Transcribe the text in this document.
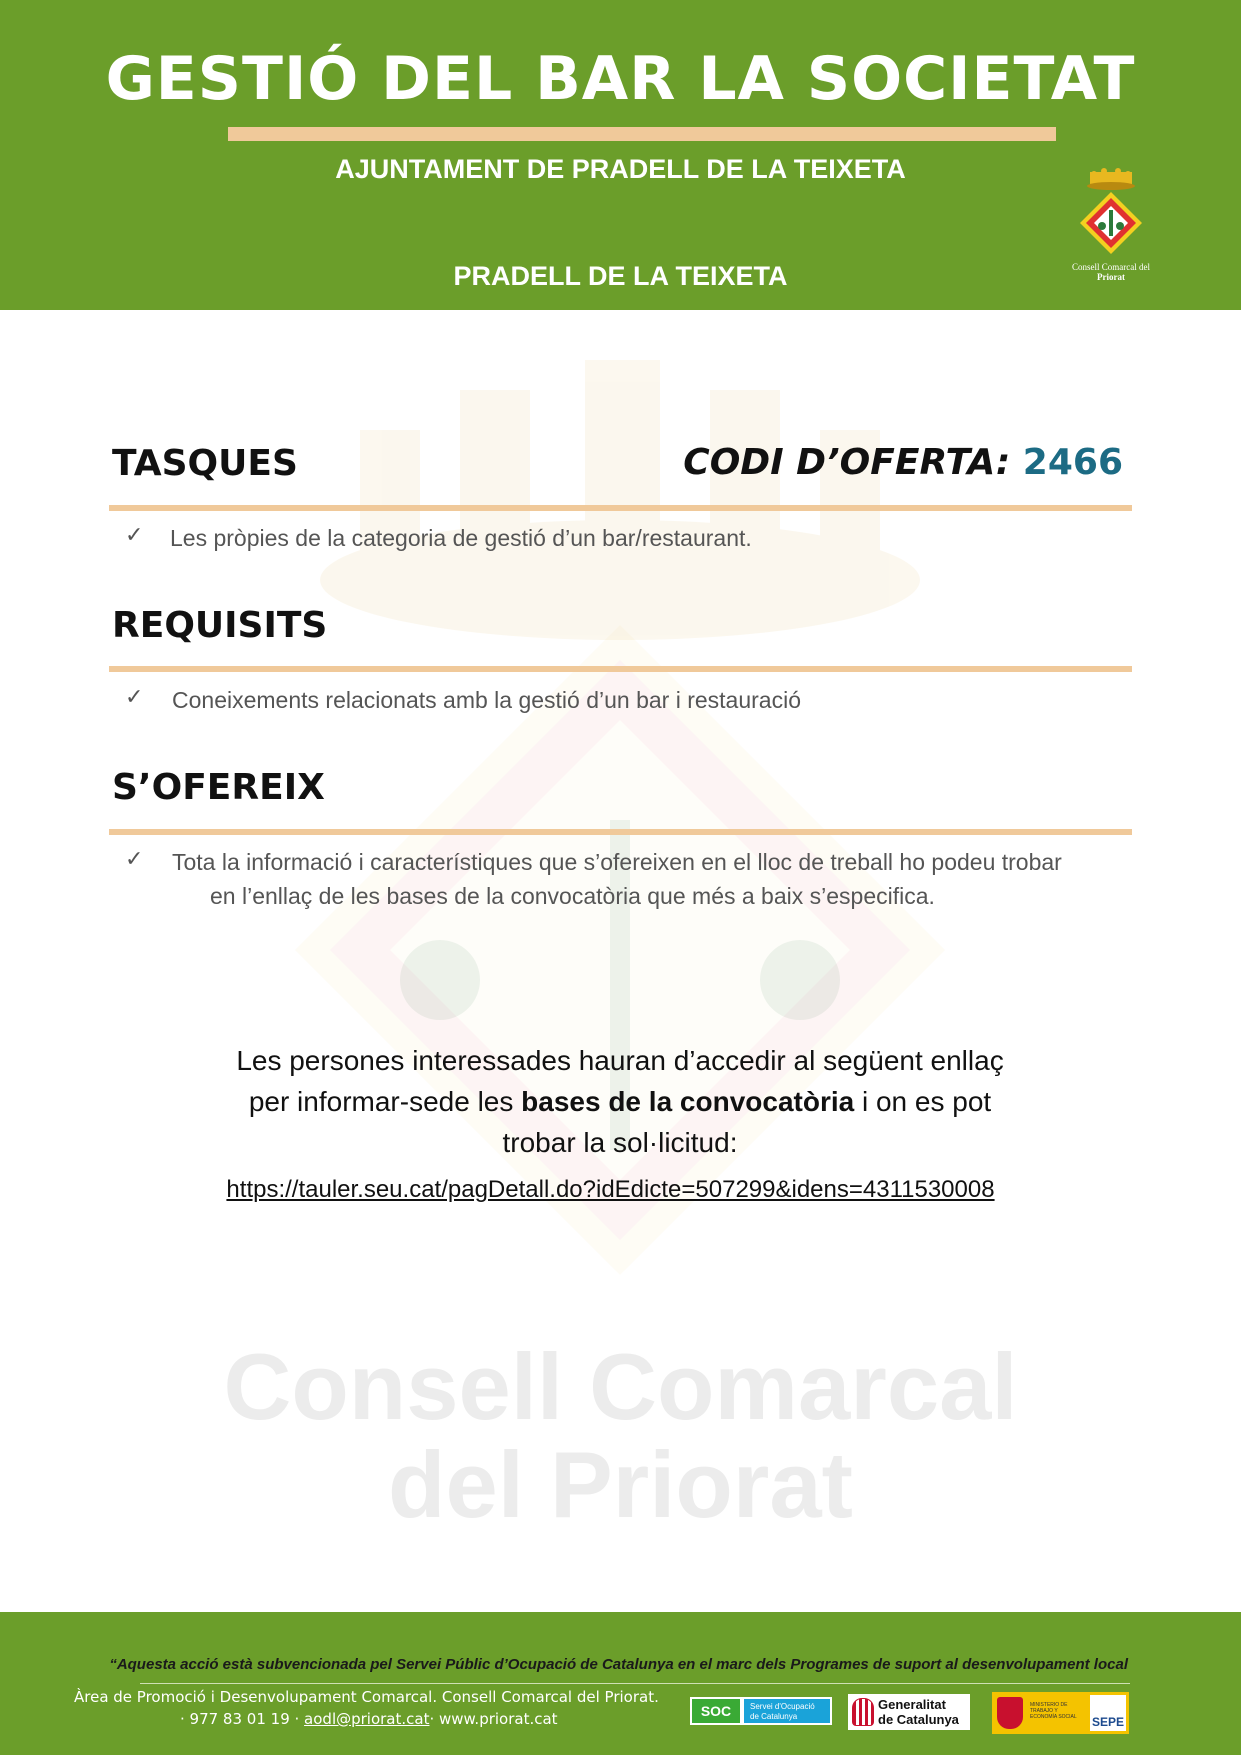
Consell Comarcal
del Priorat
GESTIÓ DEL BAR LA SOCIETAT
AJUNTAMENT DE PRADELL DE LA TEIXETA
PRADELL DE LA TEIXETA	Consell Comarcal del
Priorat
CODI D’OFERTA: 2466
TASQUES
✓ Les pròpies de la categoria de gestió d’un bar/restaurant.
REQUISITS
✓ Coneixements relacionats amb la gestió d’un bar i restauració
S’OFEREIX
✓ Tota la informació i característiques que s’ofereixen en el lloc de treball ho podeu trobar
en l’enllaç de les bases de la convocatòria que més a baix s’especifica.
Les persones interessades hauran d’accedir al següent enllaç
per informar-sede les bases de la convocatòria i on es pot
trobar la sol·licitud:
https://tauler.seu.cat/pagDetall.do?idEdicte=507299&idens=4311530008
“Aquesta acció està subvencionada pel Servei Públic d’Ocupació de Catalunya en el marc dels Programes de suport al desenvolupament local
Àrea de Promoció i Desenvolupament Comarcal. Consell Comarcal del Priorat.
· 977 83 01 19 · aodl@priorat.cat· www.priorat.cat	SOC	Servei d'Ocupació
de Catalunya
Generalitat
de Catalunya
MINISTERIO DE TRABAJO Y ECONOMÍA SOCIAL SEPE
